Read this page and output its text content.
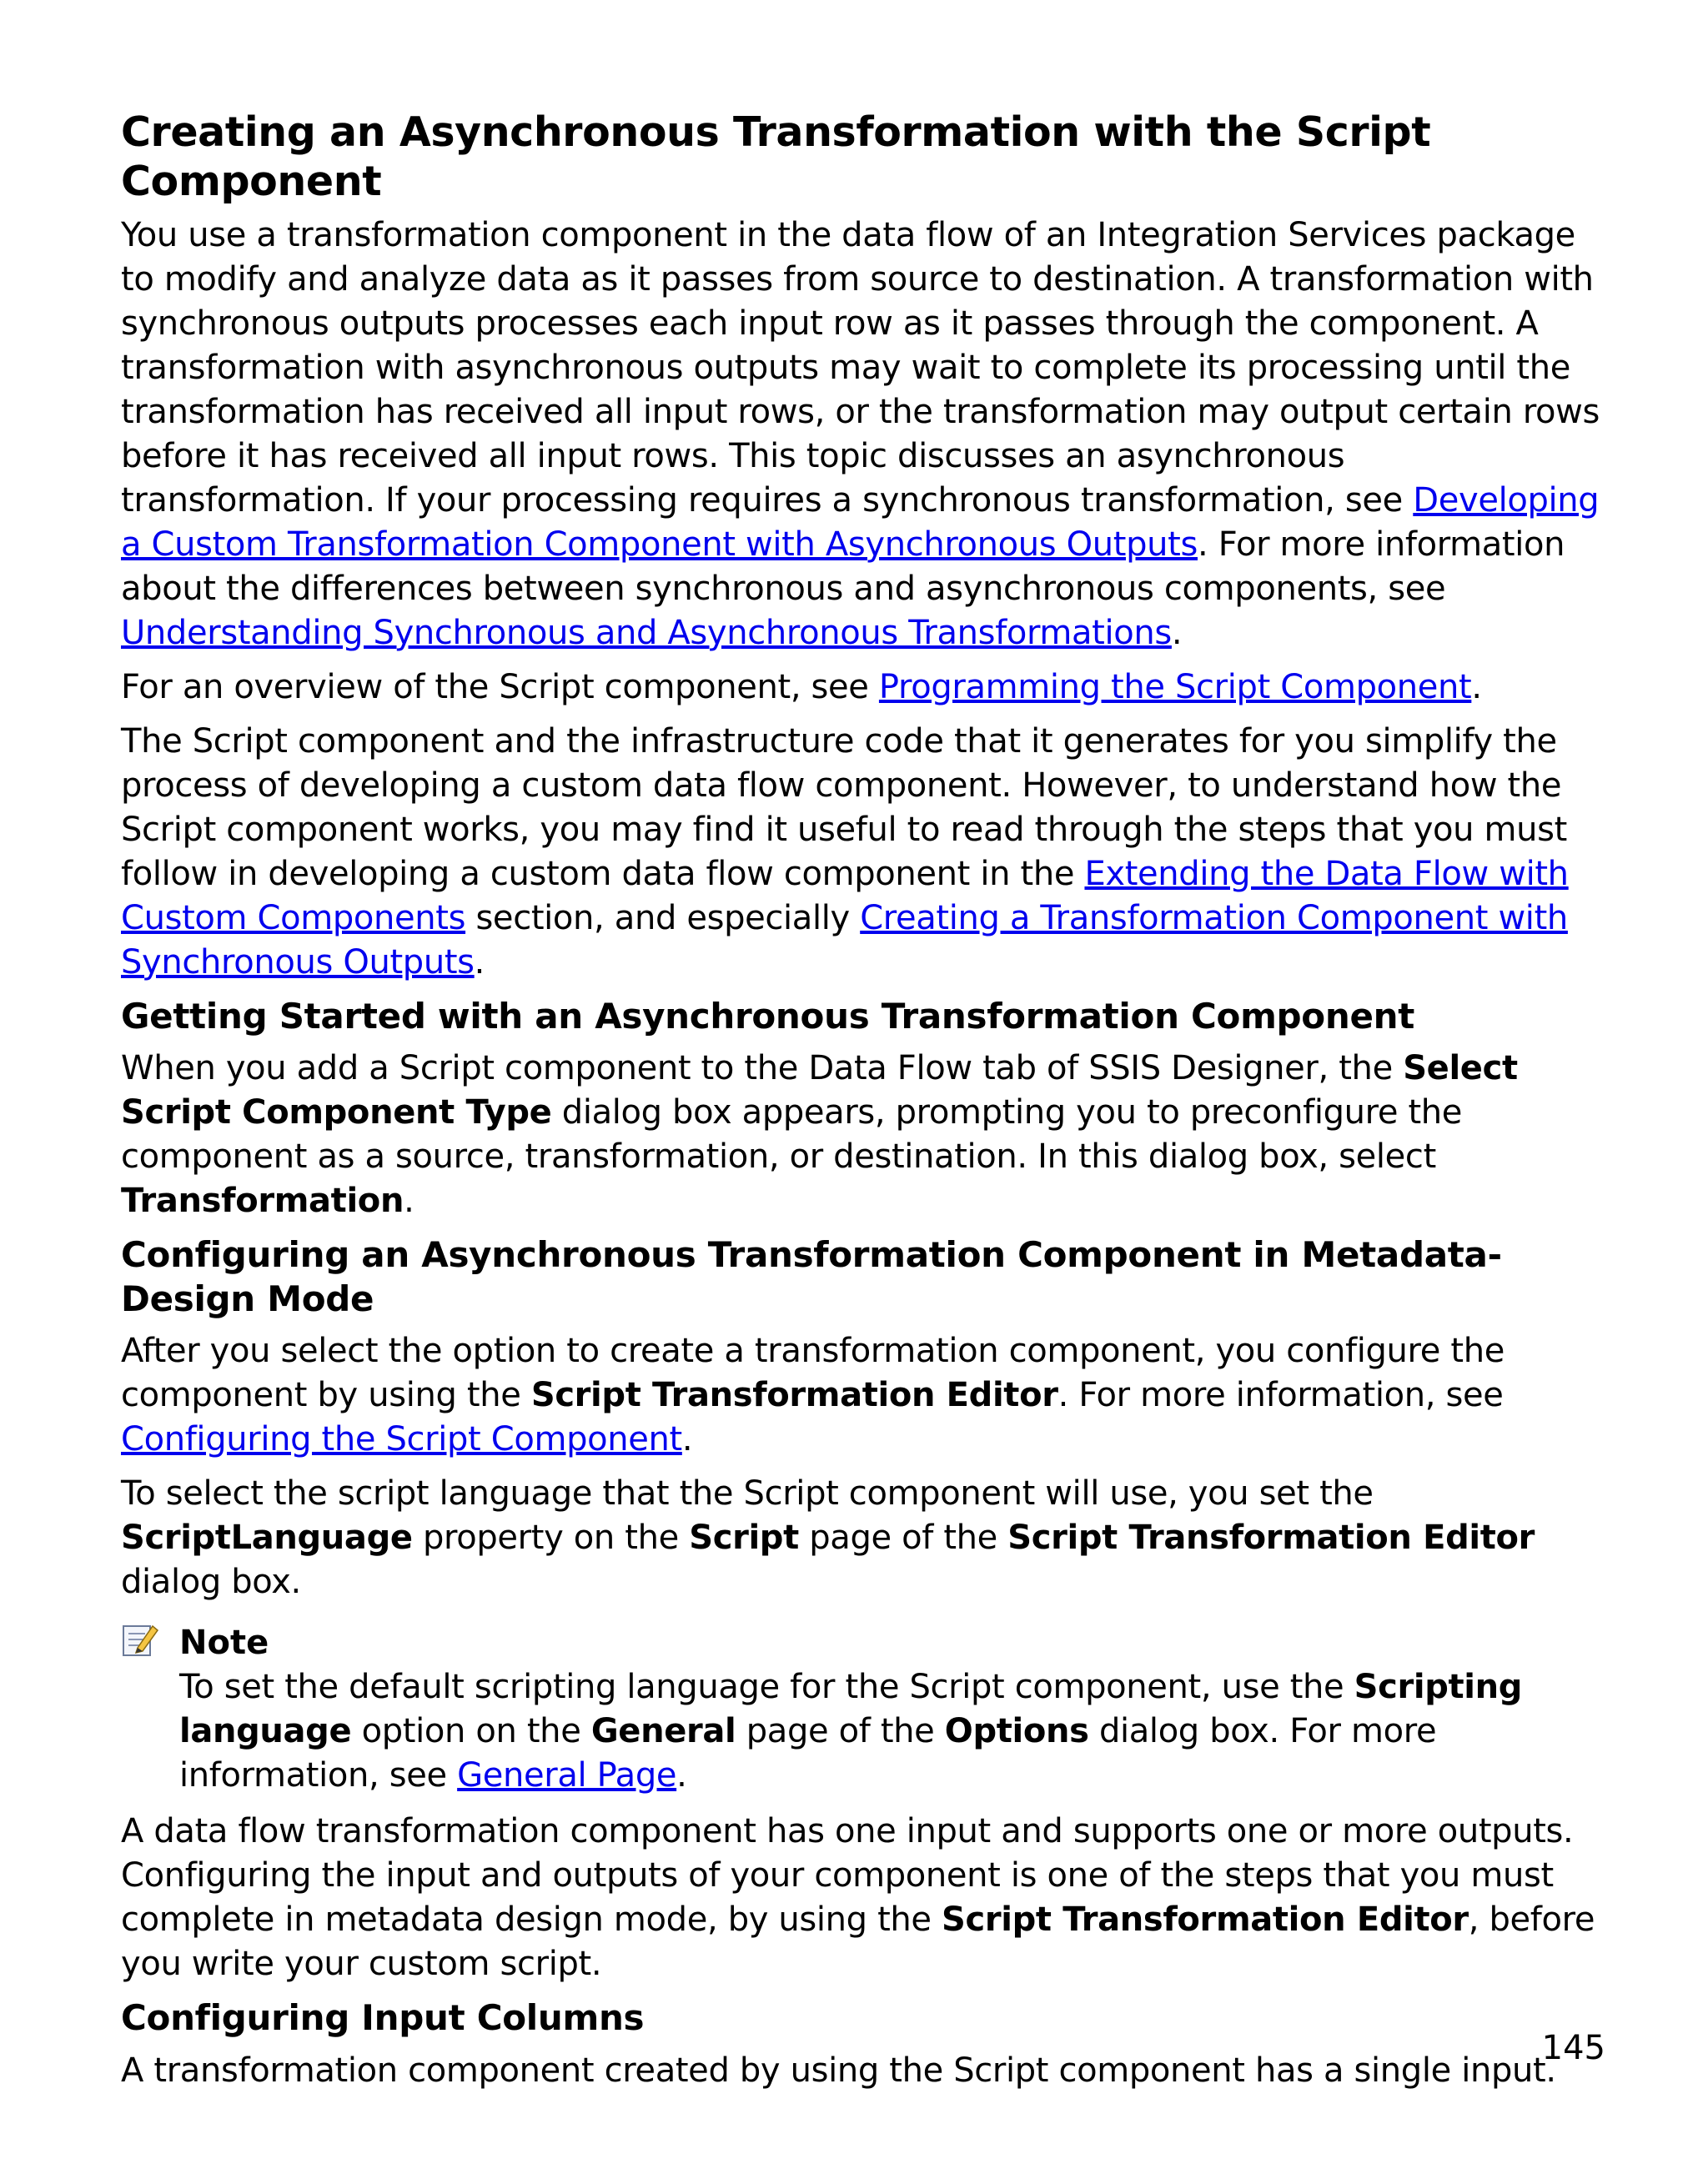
Creating an Asynchronous Transformation with the Script Component

You use a transformation component in the data flow of an Integration Services package to modify and analyze data as it passes from source to destination. A transformation with synchronous outputs processes each input row as it passes through the component. A transformation with asynchronous outputs may wait to complete its processing until the transformation has received all input rows, or the transformation may output certain rows before it has received all input rows. This topic discusses an asynchronous transformation. If your processing requires a synchronous transformation, see Developing a Custom Transformation Component with Asynchronous Outputs. For more information about the differences between synchronous and asynchronous components, see Understanding Synchronous and Asynchronous Transformations.

For an overview of the Script component, see Programming the Script Component.

The Script component and the infrastructure code that it generates for you simplify the process of developing a custom data flow component. However, to understand how the Script component works, you may find it useful to read through the steps that you must follow in developing a custom data flow component in the Extending the Data Flow with Custom Components section, and especially Creating a Transformation Component with Synchronous Outputs.

Getting Started with an Asynchronous Transformation Component

When you add a Script component to the Data Flow tab of SSIS Designer, the Select Script Component Type dialog box appears, prompting you to preconfigure the component as a source, transformation, or destination. In this dialog box, select Transformation.

Configuring an Asynchronous Transformation Component in Metadata-Design Mode

After you select the option to create a transformation component, you configure the component by using the Script Transformation Editor. For more information, see Configuring the Script Component.

To select the script language that the Script component will use, you set the ScriptLanguage property on the Script page of the Script Transformation Editor dialog box.

Note

To set the default scripting language for the Script component, use the Scripting language option on the General page of the Options dialog box. For more information, see General Page.

A data flow transformation component has one input and supports one or more outputs. Configuring the input and outputs of your component is one of the steps that you must complete in metadata design mode, by using the Script Transformation Editor, before you write your custom script.

Configuring Input Columns

A transformation component created by using the Script component has a single input.

145
